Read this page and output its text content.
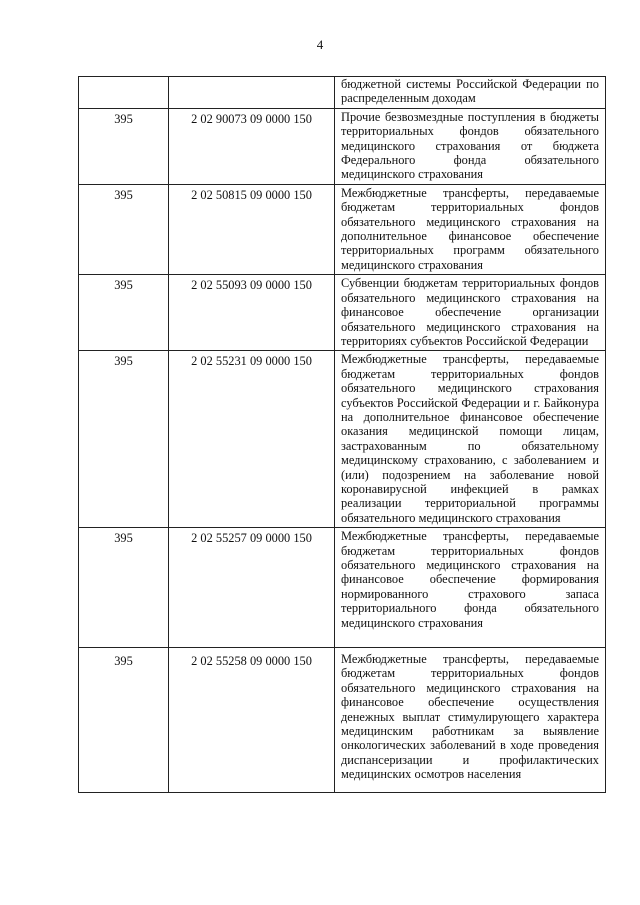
4
		бюджетной системы Российской Федерации по распределенным доходам
395	2 02 90073 09 0000 150	Прочие безвозмездные поступления в бюджеты территориальных фондов обязательного медицинского страхования от бюджета Федерального фонда обязательного медицинского страхования
395	2 02 50815 09 0000 150	Межбюджетные трансферты, передаваемые бюджетам территориальных фондов обязательного медицинского страхования на дополнительное финансовое обеспечение территориальных программ обязательного медицинского страхования
395	2 02 55093 09 0000 150	Субвенции бюджетам территориальных фондов обязательного медицинского страхования на финансовое обеспечение организации обязательного медицинского страхования на территориях субъектов Российской Федерации
395	2 02 55231 09 0000 150	Межбюджетные трансферты, передаваемые бюджетам территориальных фондов обязательного медицинского страхования субъектов Российской Федерации и г. Байконура на дополнительное финансовое обеспечение оказания медицинской помощи лицам, застрахованным по обязательному медицинскому страхованию, с заболеванием и (или) подозрением на заболевание новой коронавирусной инфекцией в рамках реализации территориальной программы обязательного медицинского страхования
395	2 02 55257 09 0000 150	Межбюджетные трансферты, передаваемые бюджетам территориальных фондов обязательного медицинского страхования на финансовое обеспечение формирования нормированного страхового запаса территориального фонда обязательного медицинского страхования
395	2 02 55258 09 0000 150	Межбюджетные трансферты, передаваемые бюджетам территориальных фондов обязательного медицинского страхования на финансовое обеспечение осуществления денежных выплат стимулирующего характера медицинским работникам за выявление онкологических заболеваний в ходе проведения диспансеризации и профилактических медицинских осмотров населения
